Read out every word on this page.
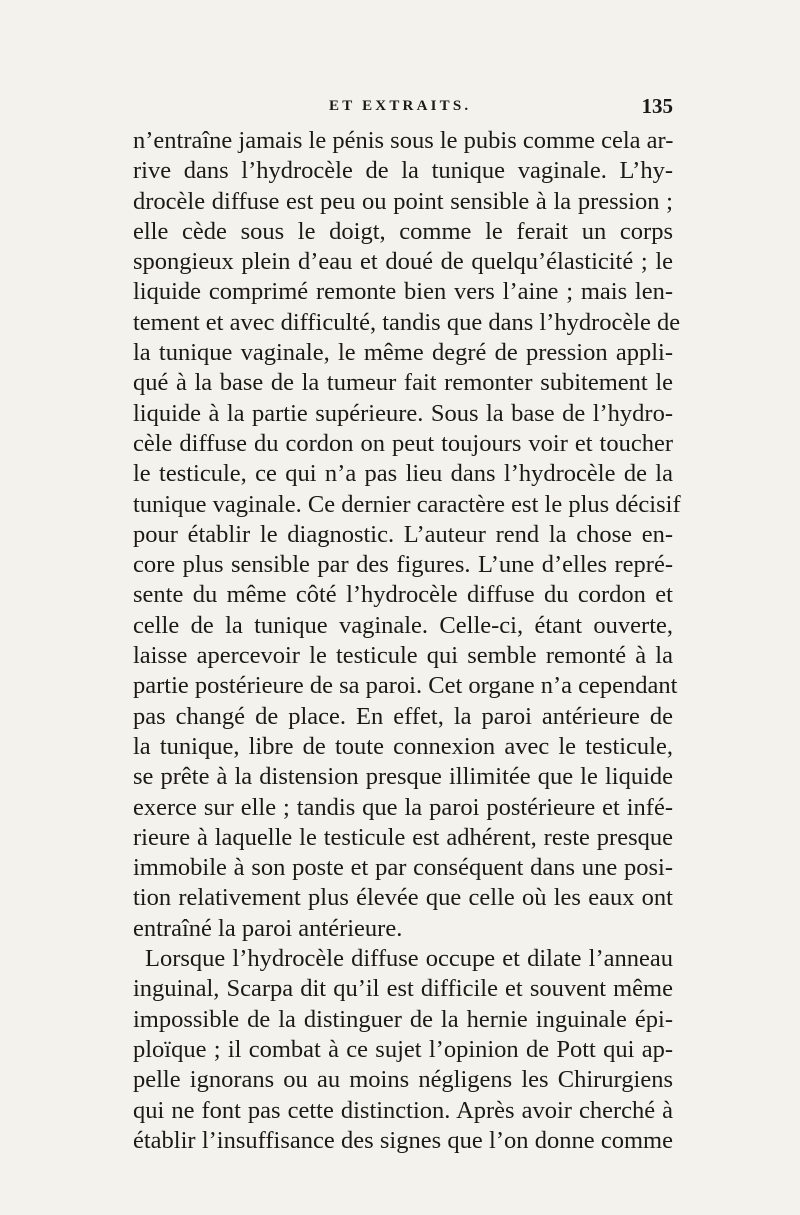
ET EXTRAITS.	135
n’entraîne jamais le pénis sous le pubis comme cela ar-
rive dans l’hydrocèle de la tunique vaginale. L’hy-
drocèle diffuse est peu ou point sensible à la pression ;
elle cède sous le doigt, comme le ferait un corps
spongieux plein d’eau et doué de quelqu’élasticité ; le
liquide comprimé remonte bien vers l’aine ; mais len-
tement et avec difficulté, tandis que dans l’hydrocèle de
la tunique vaginale, le même degré de pression appli-
qué à la base de la tumeur fait remonter subitement le
liquide à la partie supérieure. Sous la base de l’hydro-
cèle diffuse du cordon on peut toujours voir et toucher
le testicule, ce qui n’a pas lieu dans l’hydrocèle de la
tunique vaginale. Ce dernier caractère est le plus décisif
pour établir le diagnostic. L’auteur rend la chose en-
core plus sensible par des figures. L’une d’elles repré-
sente du même côté l’hydrocèle diffuse du cordon et
celle de la tunique vaginale. Celle-ci, étant ouverte,
laisse apercevoir le testicule qui semble remonté à la
partie postérieure de sa paroi. Cet organe n’a cependant
pas changé de place. En effet, la paroi antérieure de
la tunique, libre de toute connexion avec le testicule,
se prête à la distension presque illimitée que le liquide
exerce sur elle ; tandis que la paroi postérieure et infé-
rieure à laquelle le testicule est adhérent, reste presque
immobile à son poste et par conséquent dans une posi-
tion relativement plus élevée que celle où les eaux ont
entraîné la paroi antérieure.
Lorsque l’hydrocèle diffuse occupe et dilate l’anneau
inguinal, Scarpa dit qu’il est difficile et souvent même
impossible de la distinguer de la hernie inguinale épi-
ploïque ; il combat à ce sujet l’opinion de Pott qui ap-
pelle ignorans ou au moins négligens les Chirurgiens
qui ne font pas cette distinction. Après avoir cherché à
établir l’insuffisance des signes que l’on donne comme
